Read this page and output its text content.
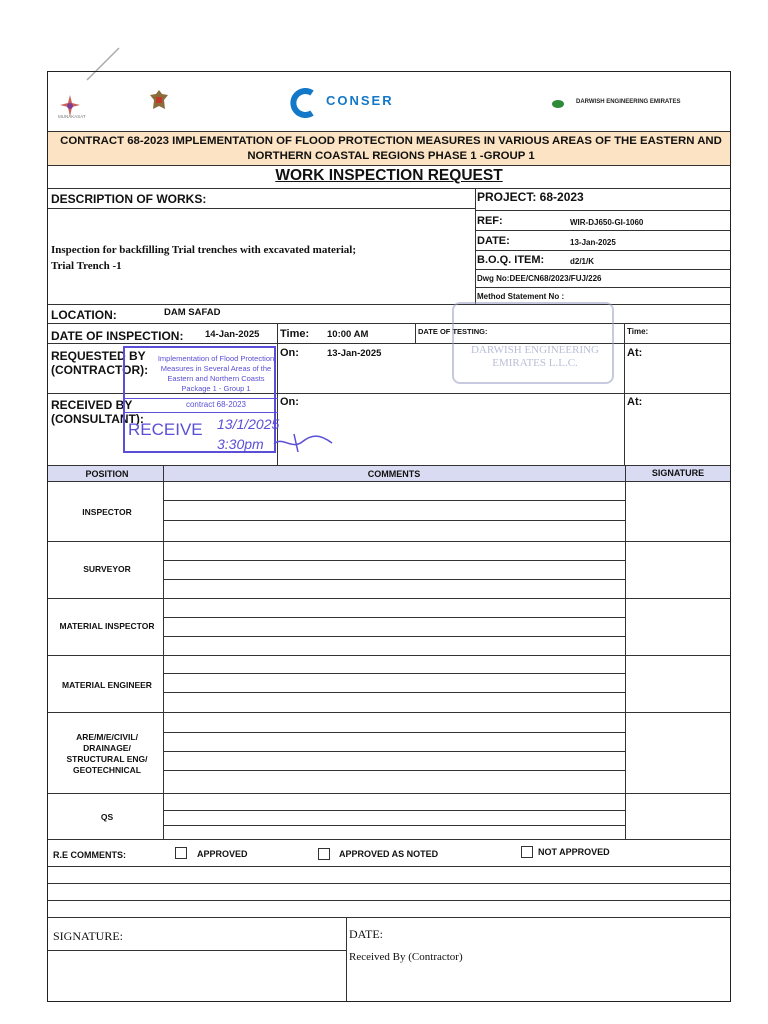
MUNAKASAT
CONSER	DARWISH ENGINEERING EMIRATES
CONTRACT 68-2023 IMPLEMENTATION OF FLOOD PROTECTION MEASURES IN VARIOUS AREAS OF THE EASTERN AND NORTHERN COASTAL REGIONS PHASE 1 -GROUP 1
WORK INSPECTION REQUEST
DESCRIPTION OF WORKS:
Inspection for backfilling Trial trenches with excavated material;
Trial Trench -1
PROJECT: 68-2023
REF:	WIR-DJ650-GI-1060
DATE:	13-Jan-2025
B.O.Q. ITEM:	d2/1/K
Dwg No:DEE/CN68/2023/FUJ/226
Method Statement No :
LOCATION:	DAM SAFAD
DATE OF INSPECTION: 14-Jan-2025 Time: 10:00 AM	DATE OF TESTING:	Time:
REQUESTED BY
(CONTRACTOR):
On:	13-Jan-2025	At:
RECEIVED BY
(CONSULTANT):
On:	At:
DARWISH ENGINEERING EMIRATES L.L.C.
Implementation of Flood Protection
Measures in Several Areas of the
Eastern and Northern Coasts
Package 1 - Group 1
contract 68-2023
RECEIVE 13/1/2025
3:30pm
POSITION	COMMENTS	SIGNATURE
INSPECTOR
SURVEYOR
MATERIAL INSPECTOR
MATERIAL ENGINEER
ARE/M/E/CIVIL/ DRAINAGE/ STRUCTURAL ENG/ GEOTECHNICAL
QS
R.E COMMENTS:	APPROVED	APPROVED AS NOTED	NOT APPROVED
SIGNATURE:	DATE:
Received By (Contractor)
